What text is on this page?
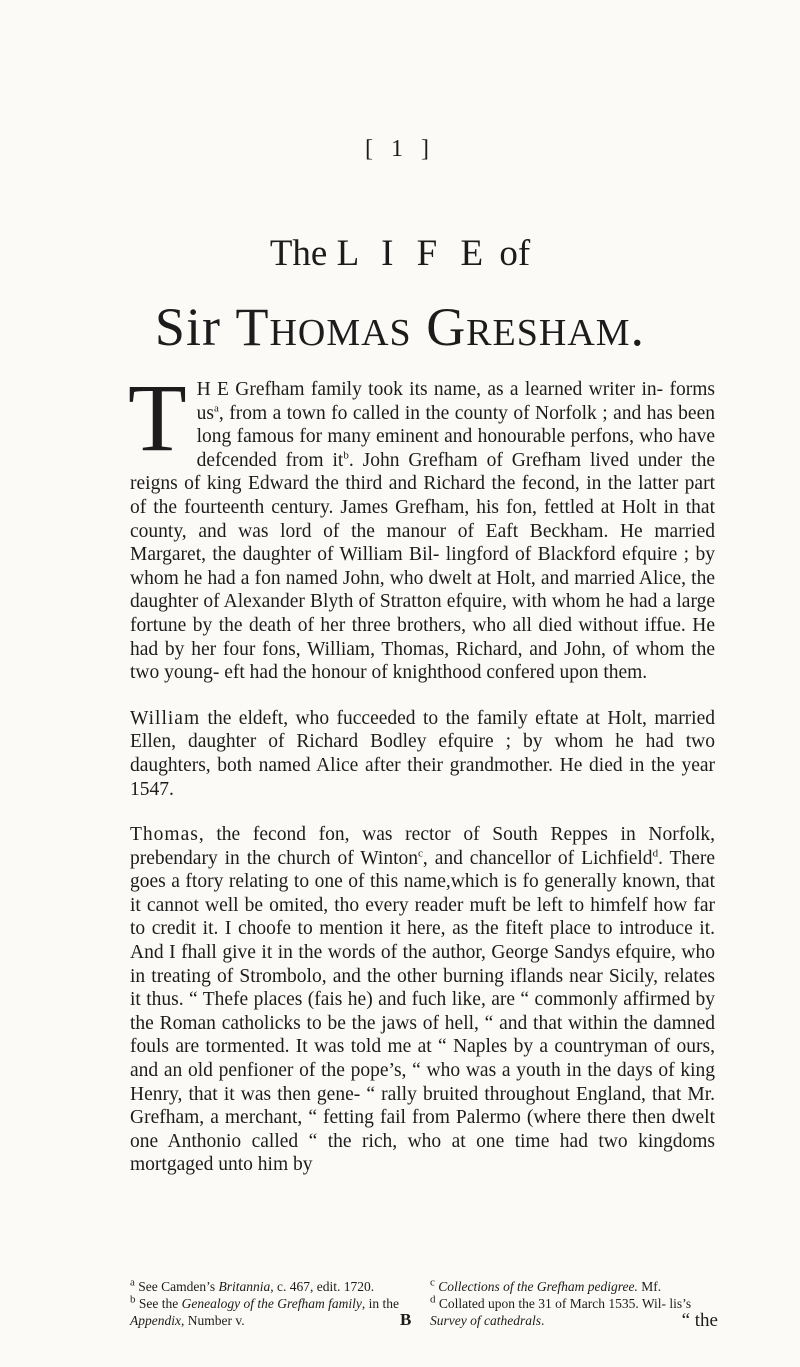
[ 1 ]
The L I F E of
Sir Thomas Gresham.

T H E Grefham family took its name, as a learned writer in- forms $us^a$, from a town fo called in the county of Norfolk ; and has been long famous for many eminent and honourable perfons, who have defcended from $it^b$. John Grefham of Grefham lived under the reigns of king Edward the third and Richard the fecond, in the latter part of the fourteenth century. James Grefham, his fon, fettled at Holt in that county, and was lord of the manour of Eaft Beckham. He married Margaret, the daughter of William Bil- lingford of Blackford efquire ; by whom he had a fon named John, who dwelt at Holt, and married Alice, the daughter of Alexander Blyth of Stratton efquire, with whom he had a large fortune by the death of her three brothers, who all died without iffue. He had by her four fons, William, Thomas, Richard, and John, of whom the two young- eft had the honour of knighthood confered upon them.

William the eldeft, who fucceeded to the family eftate at Holt, married Ellen, daughter of Richard Bodley efquire ; by whom he had two daughters, both named Alice after their grandmother. He died in the year 1547.

Thomas, the fecond fon, was rector of South Reppes in Norfolk, prebendary in the church of Winton$^c$, and chancellor of Lichfield$^d$. There goes a ftory relating to one of this name,which is fo generally known, that it cannot well be omited, tho every reader muft be left to himfelf how far to credit it. I choofe to mention it here, as the fiteft place to introduce it. And I fhall give it in the words of the author, George Sandys efquire, who in treating of Strombolo, and the other burning iflands near Sicily, relates it thus. “ Thefe places (fais he) and fuch like, are “ commonly affirmed by the Roman catholicks to be the jaws of hell, “ and that within the damned fouls are tormented. It was told me at “ Naples by a countryman of ours, and an old penfioner of the pope’s, “ who was a youth in the days of king Henry, that it was then gene- “ rally bruited throughout England, that Mr. Grefham, a merchant, “ fetting fail from Palermo (where there then dwelt one Anthonio called “ the rich, who at one time had two kingdoms mortgaged unto him by

$^a$ See Camden’s Britannia, c. 467, edit. 1720.
$^b$ See the Genealogy of the Grefham family, in the Appendix, Number v.
$^c$ Collections of the Grefham pedigree. Mf.
$^d$ Collated upon the 31 of March 1535. Wil- lis’s Survey of cathedrals.
B	“ the
